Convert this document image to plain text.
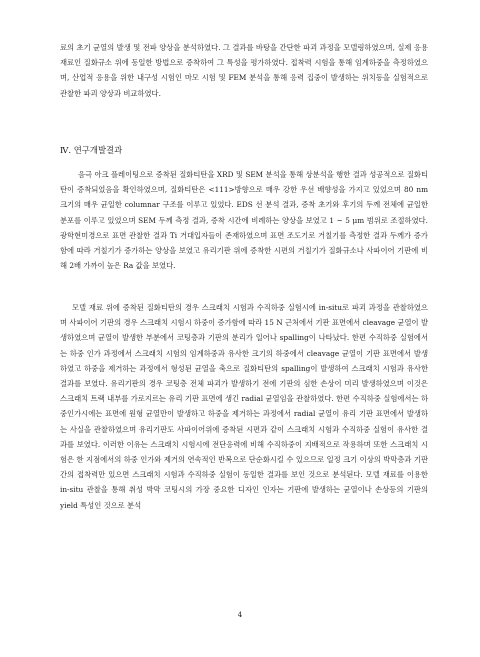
료의 초기 균열의 발생 및 전파 양상을 분석하였다. 그 결과를 바탕을 간단한 파괴 과정을 모델링하였으며, 실제 응용 재료인 질화규소 위에 동일한 방법으로 증착하여 그 특성을 평가하였다. 접착력 시험을 통해 임계하중을 측정하였으며, 산업적 응용을 위한 내구성 시험인 마모 시험 및 FEM 분석을 통해 응력 집중이 발생하는 위치등을 실험적으로 관찰한 파괴 양상과 비교하였다.

Ⅳ. 연구개발결과

음극 아크 플레이팅으로 증착된 질화티탄을 XRD 및 SEM 분석을 통해 상분석을 행한 결과 성공적으로 질화티탄이 증착되었음을 확인하였으며, 질화티탄은 <111>방향으로 매우 강한 우선 배향성을 가지고 있었으며 80 nm 크기의 매우 균일한 columnar 구조를 이루고 있었다. EDS 선 분석 결과, 증착 초기와 후기의 두께 전체에 균일한 분포를 이루고 있었으며 SEM 두께 측정 결과, 증착 시간에 비례하는 양상을 보였고 1 ~ 5 μm 범위로 조절하였다. 광학현미경으로 표면 관찰한 결과 Ti 거대입자들이 존재하였으며 표면 조도기로 거칠기를 측정한 결과 두께가 증가함에 따라 거칠기가 증가하는 양상을 보였고 유리기판 위에 증착한 시편의 거칠기가 질화규소나 사파이어 기판에 비해 2배 가까이 높은 Ra 값을 보였다.

모델 재료 위에 증착된 질화티탄의 경우 스크래치 시험과 수직하중 실험시에 in-situ로 파괴 과정을 관찰하였으며 사파이어 기판의 경우 스크래치 시험시 하중이 증가함에 따라 15 N 근처에서 기판 표면에서 cleavage 균열이 발생하였으며 균열이 발생한 부분에서 코팅층과 기판의 분리가 일어나 spalling이 나타났다. 한편 수직하중 실험에서는 하중 인가 과정에서 스크래치 시험의 임계하중과 유사한 크기의 하중에서 cleavage 균열이 기판 표면에서 발생하였고 하중을 제거하는 과정에서 형성된 균열을 축으로 질화티탄의 spalling이 발생하여 스크래치 시험과 유사한 결과를 보였다. 유리기판의 경우 코팅층 전체 파괴가 발생하기 전에 기판의 심한 손상이 미리 발생하였으며 이것은 스크래치 트랙 내부를 가로지르는 유리 기판 표면에 생긴 radial 균열임을 관찰하였다. 한편 수직하중 실험에서는 하중인가시에는 표면에 원형 균열만이 발생하고 하중을 제거하는 과정에서 radial 균열이 유리 기판 표면에서 발생하는 사실을 관찰하였으며 유리기판도 사파이어위에 증착된 시편과 같이 스크래치 시험과 수직하중 실험이 유사한 결과를 보였다. 이러한 이유는 스크래치 시험시에 전단응력에 비해 수직하중이 지배적으로 작용하며 또한 스크래치 시험은 한 지점에서의 하중 인가와 제거의 연속적인 반복으로 단순화시킬 수 있으므로 일정 크기 이상의 박막층과 기판간의 접착력만 있으면 스크래치 시험과 수직하중 실험이 동일한 결과를 보인 것으로 분석된다. 모델 재료를 이용한 in-situ 관찰을 통해 취성 박막 코팅시의 가장 중요한 디자인 인자는 기판에 발생하는 균열이나 손상등의 기판의 yield 특성인 것으로 분석

4
